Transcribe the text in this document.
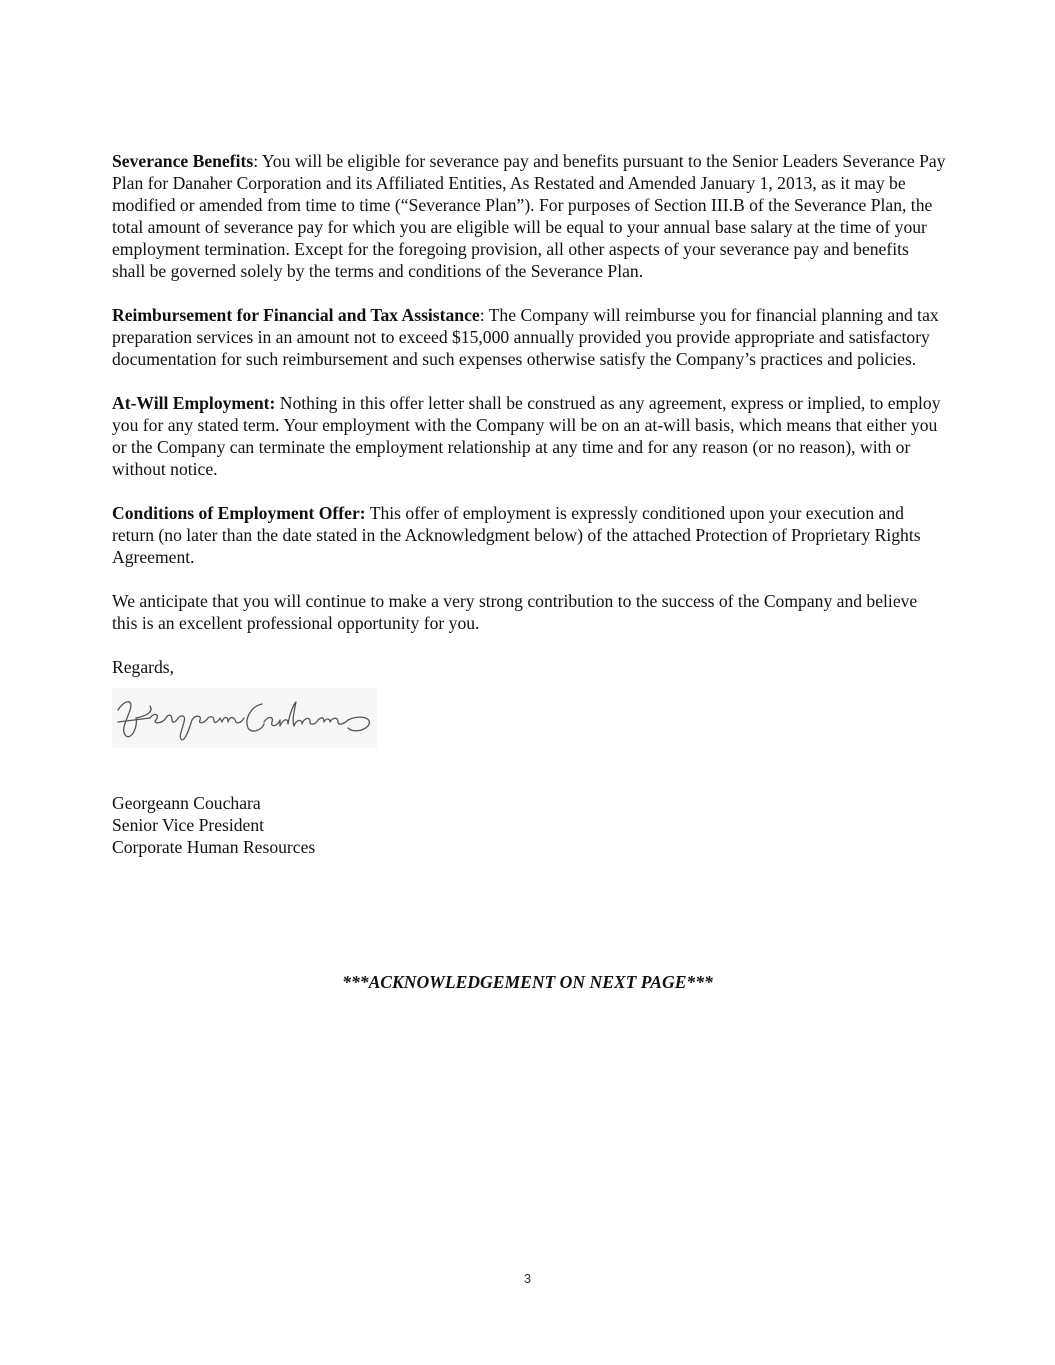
Severance Benefits: You will be eligible for severance pay and benefits pursuant to the Senior Leaders Severance Pay Plan for Danaher Corporation and its Affiliated Entities, As Restated and Amended January 1, 2013, as it may be modified or amended from time to time (“Severance Plan”). For purposes of Section III.B of the Severance Plan, the total amount of severance pay for which you are eligible will be equal to your annual base salary at the time of your employment termination. Except for the foregoing provision, all other aspects of your severance pay and benefits shall be governed solely by the terms and conditions of the Severance Plan.

Reimbursement for Financial and Tax Assistance: The Company will reimburse you for financial planning and tax preparation services in an amount not to exceed $15,000 annually provided you provide appropriate and satisfactory documentation for such reimbursement and such expenses otherwise satisfy the Company’s practices and policies.

At-Will Employment: Nothing in this offer letter shall be construed as any agreement, express or implied, to employ you for any stated term. Your employment with the Company will be on an at-will basis, which means that either you or the Company can terminate the employment relationship at any time and for any reason (or no reason), with or without notice.

Conditions of Employment Offer: This offer of employment is expressly conditioned upon your execution and return (no later than the date stated in the Acknowledgment below) of the attached Protection of Proprietary Rights Agreement.

We anticipate that you will continue to make a very strong contribution to the success of the Company and believe this is an excellent professional opportunity for you.

Regards,

Georgeann Couchara
Senior Vice President
Corporate Human Resources
***ACKNOWLEDGEMENT ON NEXT PAGE***
3
